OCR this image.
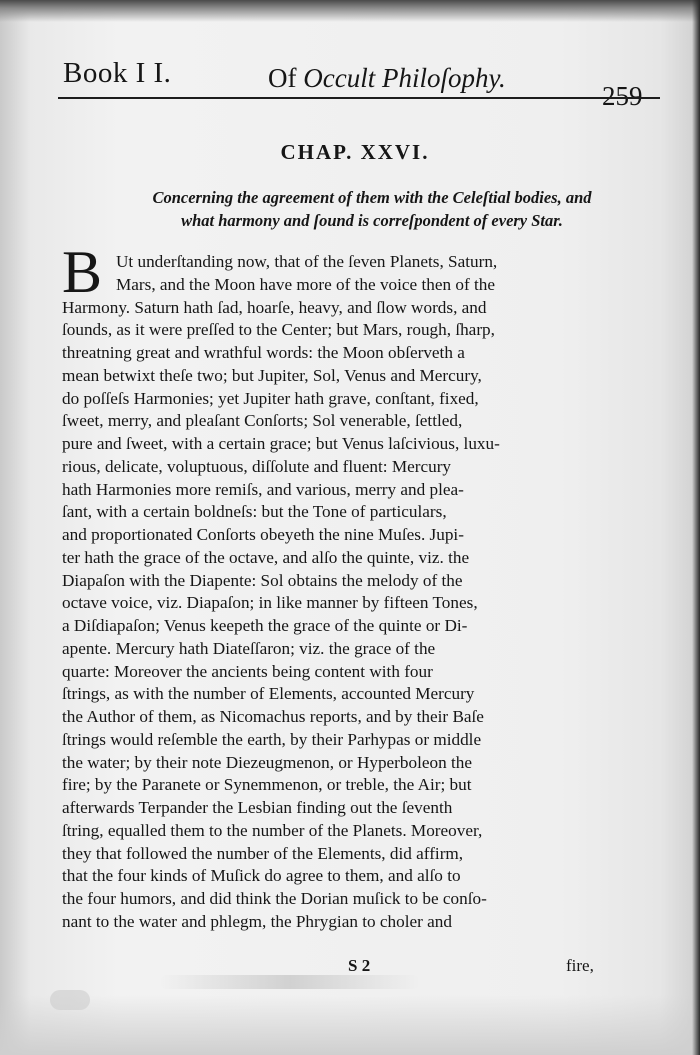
Book I I.	Of Occult Philoſophy.
259
CHAP. XXVI.
Concerning the agreement of them with the Celeſtial bodies, and
what harmony and ſound is correſpondent of every Star.
B Ut underſtanding now, that of the ſeven Planets, Saturn,
Mars, and the Moon have more of the voice then of the
Harmony. Saturn hath ſad, hoarſe, heavy, and ſlow words, and
ſounds, as it were preſſed to the Center; but Mars, rough, ſharp,
threatning great and wrathful words: the Moon obſerveth a
mean betwixt theſe two; but Jupiter, Sol, Venus and Mercury,
do poſſeſs Harmonies; yet Jupiter hath grave, conſtant, fixed,
ſweet, merry, and pleaſant Conſorts; Sol venerable, ſettled,
pure and ſweet, with a certain grace; but Venus laſcivious, luxu-
rious, delicate, voluptuous, diſſolute and fluent: Mercury
hath Harmonies more remiſs, and various, merry and plea-
ſant, with a certain boldneſs: but the Tone of particulars,
and proportionated Conſorts obeyeth the nine Muſes. Jupi-
ter hath the grace of the octave, and alſo the quinte, viz. the
Diapaſon with the Diapente: Sol obtains the melody of the
octave voice, viz. Diapaſon; in like manner by fifteen Tones,
a Diſdiapaſon; Venus keepeth the grace of the quinte or Di-
apente. Mercury hath Diateſſaron; viz. the grace of the
quarte: Moreover the ancients being content with four
ſtrings, as with the number of Elements, accounted Mercury
the Author of them, as Nicomachus reports, and by their Baſe
ſtrings would reſemble the earth, by their Parhypas or middle
the water; by their note Diezeugmenon, or Hyperboleon the
fire; by the Paranete or Synemmenon, or treble, the Air; but
afterwards Terpander the Lesbian finding out the ſeventh
ſtring, equalled them to the number of the Planets. Moreover,
they that followed the number of the Elements, did affirm,
that the four kinds of Muſick do agree to them, and alſo to
the four humors, and did think the Dorian muſick to be conſo-
nant to the water and phlegm, the Phrygian to choler and
S 2	fire,
